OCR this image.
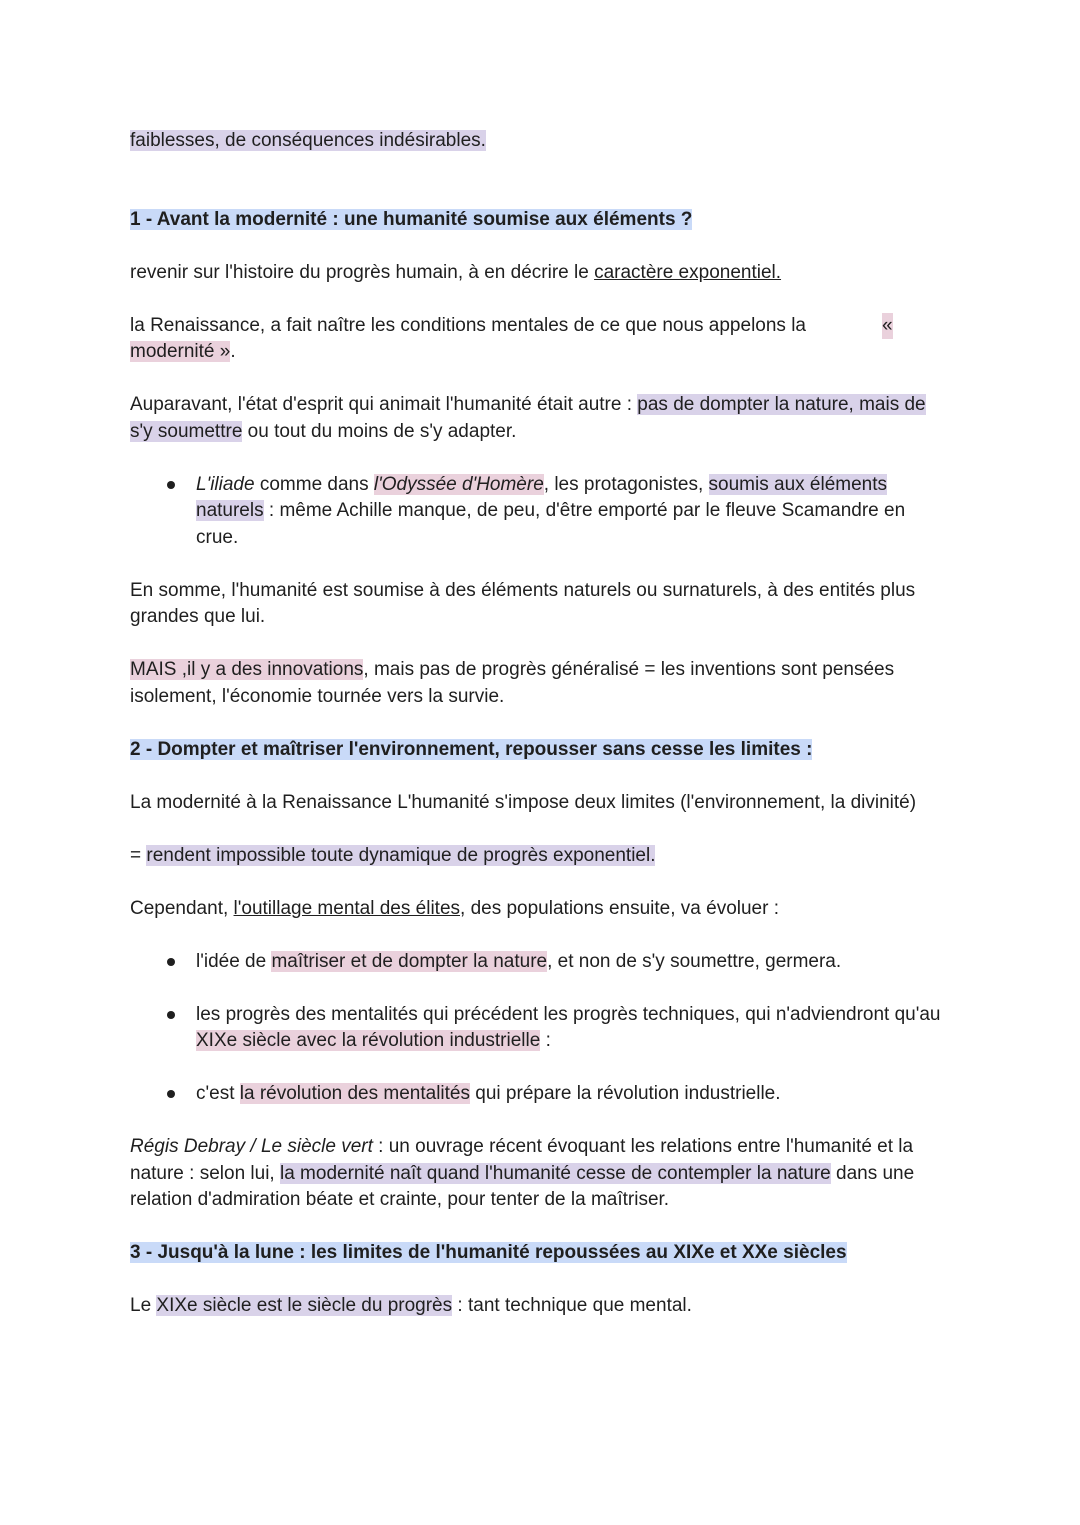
faiblesses, de conséquences indésirables.

1 - Avant la modernité : une humanité soumise aux éléments ?

revenir sur l'histoire du progrès humain, à en décrire le caractère exponentiel.

la Renaissance, a fait naître les conditions mentales de ce que nous appelons la	«

modernité ».

Auparavant, l'état d'esprit qui animait l'humanité était autre : pas de dompter la nature, mais de s'y soumettre ou tout du moins de s'y adapter.

L'iliade comme dans l'Odyssée d'Homère, les protagonistes, soumis aux éléments naturels : même Achille manque, de peu, d'être emporté par le fleuve Scamandre en crue.

En somme, l'humanité est soumise à des éléments naturels ou surnaturels, à des entités plus grandes que lui.

MAIS ,il y a des innovations, mais pas de progrès généralisé = les inventions sont pensées isolement, l'économie tournée vers la survie.

2 - Dompter et maîtriser l'environnement, repousser sans cesse les limites :

La modernité à la Renaissance L'humanité s'impose deux limites (l'environnement, la divinité)

= rendent impossible toute dynamique de progrès exponentiel.

Cependant, l'outillage mental des élites, des populations ensuite, va évoluer :

l'idée de maîtriser et de dompter la nature, et non de s'y soumettre, germera.
les progrès des mentalités qui précédent les progrès techniques, qui n'adviendront qu'au XIXe siècle avec la révolution industrielle :
c'est la révolution des mentalités qui prépare la révolution industrielle.

Régis Debray / Le siècle vert : un ouvrage récent évoquant les relations entre l'humanité et la nature : selon lui, la modernité naît quand l'humanité cesse de contempler la nature dans une relation d'admiration béate et crainte, pour tenter de la maîtriser.

3 - Jusqu'à la lune : les limites de l'humanité repoussées au XIXe et XXe siècles

Le XIXe siècle est le siècle du progrès : tant technique que mental.
